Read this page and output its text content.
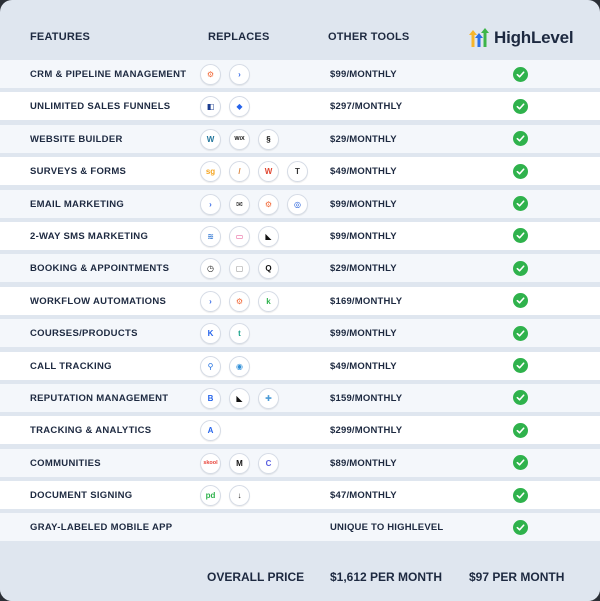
FEATURES	REPLACES	OTHER TOOLS	HighLevel
CRM & PIPELINE MANAGEMENT	⚙	›	$99/MONTHLY
UNLIMITED SALES FUNNELS	◧	◆	$297/MONTHLY
WEBSITE BUILDER	W	WiX	§	$29/MONTHLY
SURVEYS & FORMS	sg	/	W	T	$49/MONTHLY
EMAIL MARKETING	›	✉	⚙	◎	$99/MONTHLY
2-WAY SMS MARKETING	≋	▭	◣	$99/MONTHLY
BOOKING & APPOINTMENTS	◷	▢	Q	$29/MONTHLY
WORKFLOW AUTOMATIONS	›	⚙	k	$169/MONTHLY
COURSES/PRODUCTS	K	t	$99/MONTHLY
CALL TRACKING	⚲	◉	$49/MONTHLY
REPUTATION MANAGEMENT	B	◣	✚	$159/MONTHLY
TRACKING & ANALYTICS	A	$299/MONTHLY
COMMUNITIES	skool	M	C	$89/MONTHLY
DOCUMENT SIGNING	pd	↓	$47/MONTHLY
GRAY-LABELED MOBILE APP	UNIQUE TO HIGHLEVEL
OVERALL PRICE $1,612 PER MONTH $97 PER MONTH
